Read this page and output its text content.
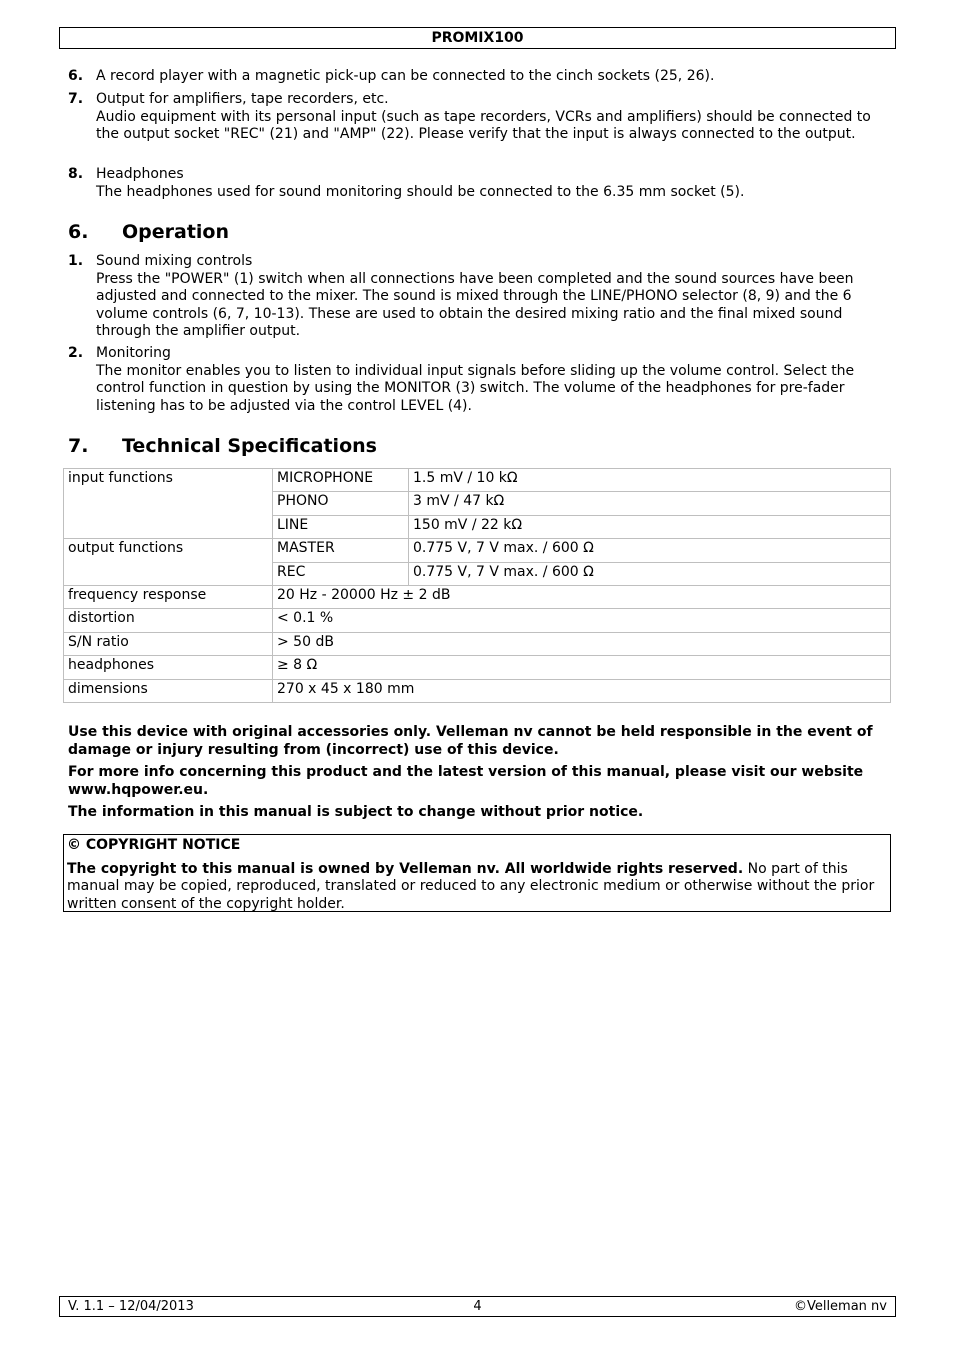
PROMIX100
6. A record player with a magnetic pick-up can be connected to the cinch sockets (25, 26).
7. Output for amplifiers, tape recorders, etc.
Audio equipment with its personal input (such as tape recorders, VCRs and amplifiers) should be connected to the output socket "REC" (21) and "AMP" (22). Please verify that the input is always connected to the output.
8. Headphones
The headphones used for sound monitoring should be connected to the 6.35 mm socket (5).
6. Operation
1. Sound mixing controls
Press the "POWER" (1) switch when all connections have been completed and the sound sources have been adjusted and connected to the mixer. The sound is mixed through the LINE/PHONO selector (8, 9) and the 6 volume controls (6, 7, 10-13). These are used to obtain the desired mixing ratio and the final mixed sound through the amplifier output.
2. Monitoring
The monitor enables you to listen to individual input signals before sliding up the volume control. Select the control function in question by using the MONITOR (3) switch. The volume of the headphones for pre-fader listening has to be adjusted via the control LEVEL (4).
7. Technical Specifications
input functions	MICROPHONE	1.5 mV / 10 kΩ
	PHONO	3 mV / 47 kΩ
	LINE	150 mV / 22 kΩ
output functions	MASTER	0.775 V, 7 V max. / 600 Ω
	REC	0.775 V, 7 V max. / 600 Ω
frequency response	20 Hz - 20000 Hz ± 2 dB	
distortion	< 0.1 %	
S/N ratio	> 50 dB	
headphones	≥ 8 Ω	
dimensions	270 x 45 x 180 mm	
Use this device with original accessories only. Velleman nv cannot be held responsible in the event of damage or injury resulting from (incorrect) use of this device.
For more info concerning this product and the latest version of this manual, please visit our website www.hqpower.eu.
The information in this manual is subject to change without prior notice.
© COPYRIGHT NOTICE
The copyright to this manual is owned by Velleman nv. All worldwide rights reserved. No part of this manual may be copied, reproduced, translated or reduced to any electronic medium or otherwise without the prior written consent of the copyright holder.
4
V. 1.1 – 12/04/2013	©Velleman nv
